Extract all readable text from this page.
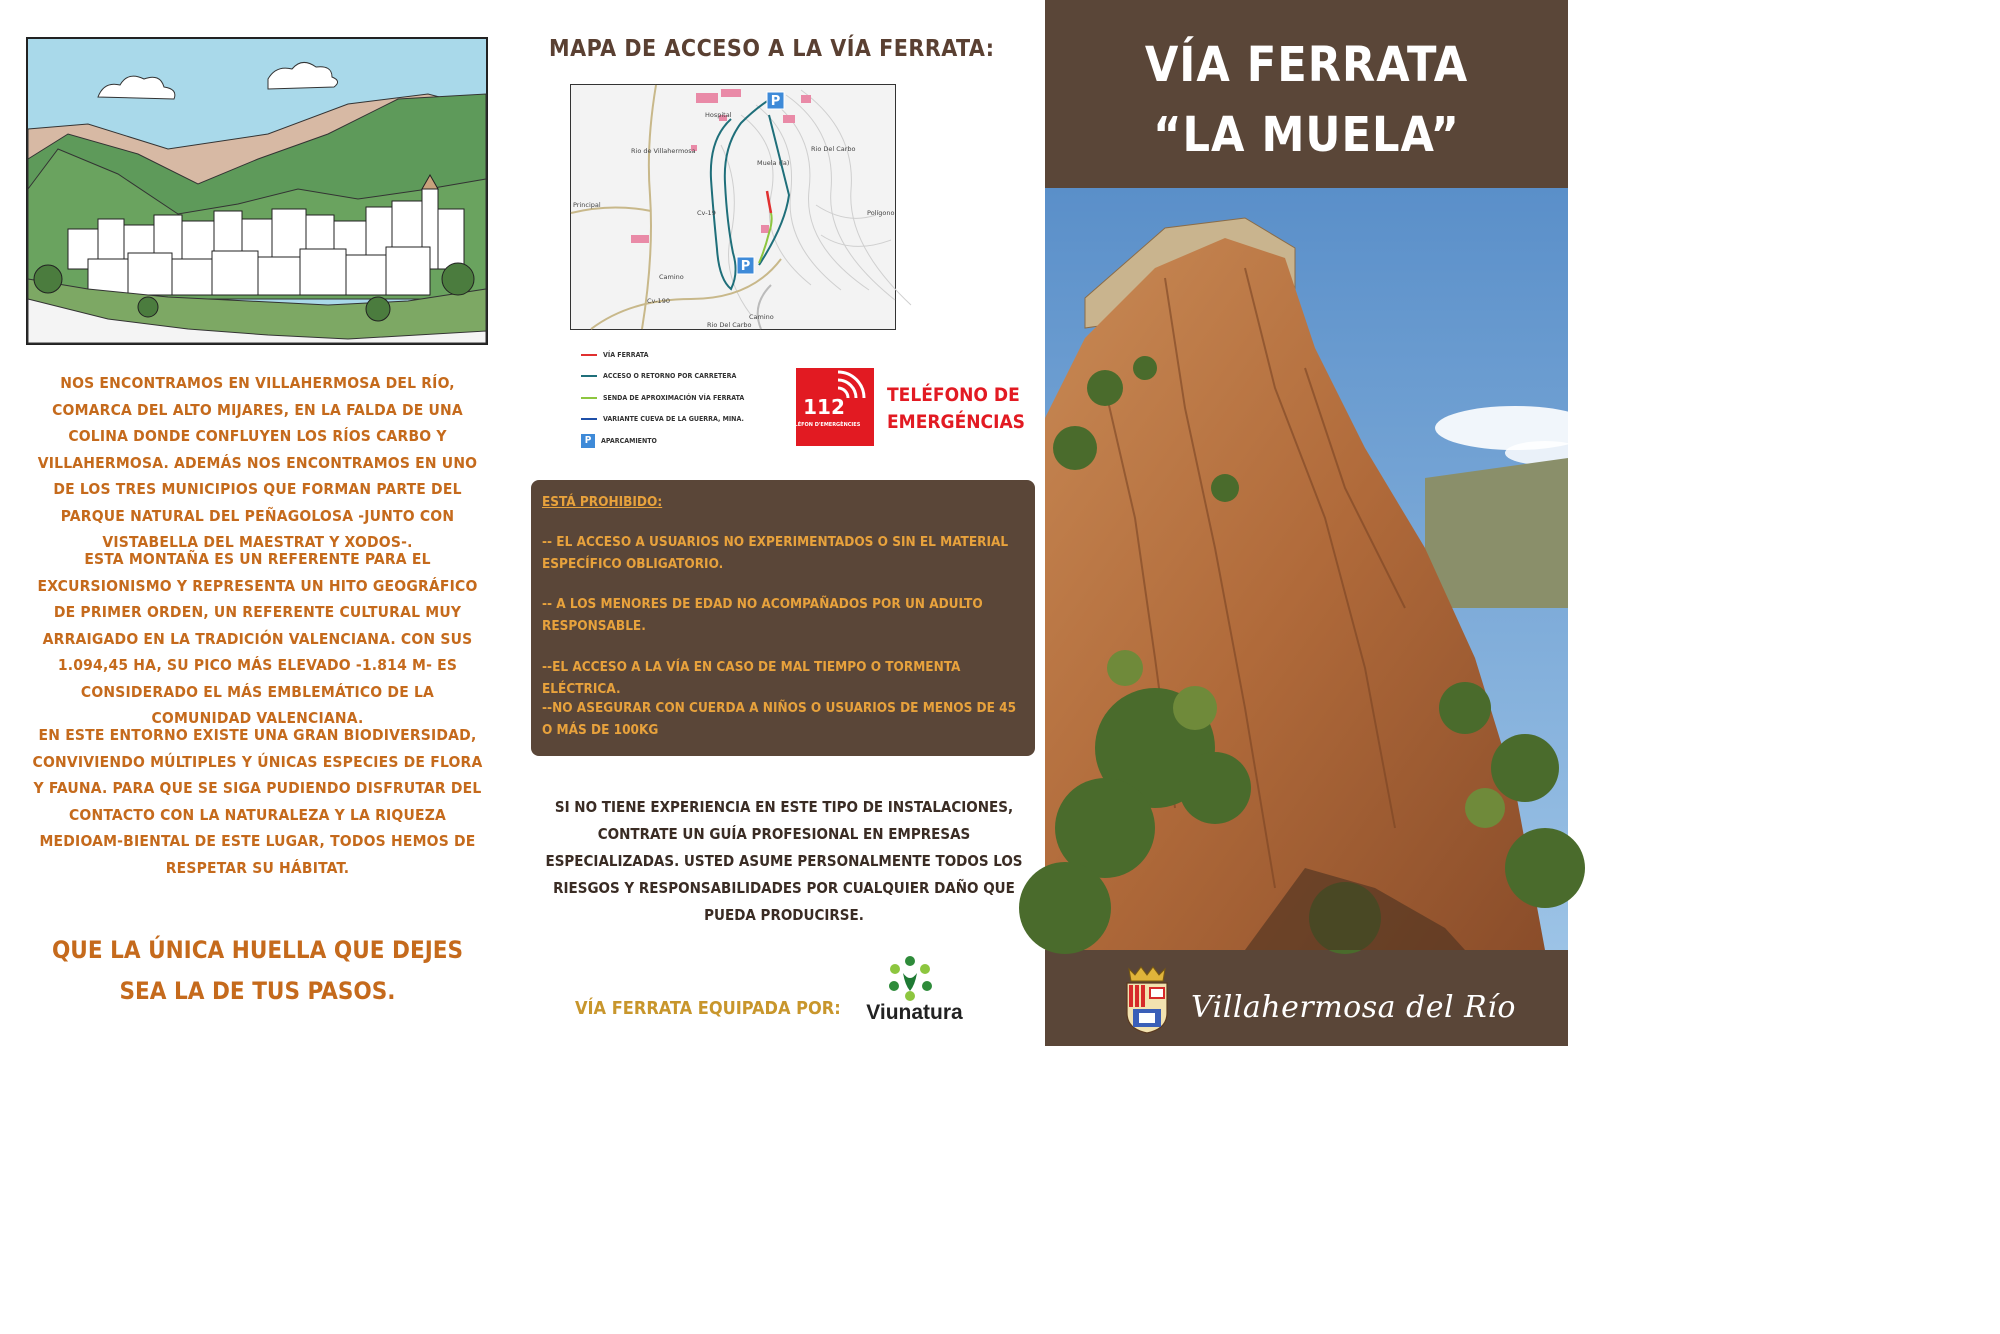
NOS ENCONTRAMOS EN VILLAHERMOSA DEL RÍO, COMARCA DEL ALTO MIJARES, EN LA FALDA DE UNA COLINA DONDE CONFLUYEN LOS RÍOS CARBO Y VILLAHERMOSA. ADEMÁS NOS ENCONTRAMOS EN UNO DE LOS TRES MUNICIPIOS QUE FORMAN PARTE DEL PARQUE NATURAL DEL PEÑAGOLOSA -JUNTO CON VISTABELLA DEL MAESTRAT Y XODOS-.
ESTA MONTAÑA ES UN REFERENTE PARA EL EXCURSIONISMO Y REPRESENTA UN HITO GEOGRÁFICO DE PRIMER ORDEN, UN REFERENTE CULTURAL MUY ARRAIGADO EN LA TRADICIÓN VALENCIANA. CON SUS 1.094,45 HA, SU PICO MÁS ELEVADO -1.814 M- ES CONSIDERADO EL MÁS EMBLEMÁTICO DE LA COMUNIDAD VALENCIANA.
EN ESTE ENTORNO EXISTE UNA GRAN BIODIVERSIDAD, CONVIVIENDO MÚLTIPLES Y ÚNICAS ESPECIES DE FLORA Y FAUNA. PARA QUE SE SIGA PUDIENDO DISFRUTAR DEL CONTACTO CON LA NATURALEZA Y LA RIQUEZA MEDIOAM-BIENTAL DE ESTE LUGAR, TODOS HEMOS DE RESPETAR SU HÁBITAT.
QUE LA ÚNICA HUELLA QUE DEJES SEA LA DE TUS PASOS.
MAPA DE ACCESO A LA VÍA FERRATA:
P
P
Hospital
Rio de Villahermosa	Rio Del Carbo
Principal
Muela (la)
Cv-19	Polígono
Camino
Cv-190
Camino
Rio Del Carbo
VÍA FERRATA
ACCESO O RETORNO POR CARRETERA
SENDA DE APROXIMACIÓN VÍA FERRATA
VARIANTE CUEVA DE LA GUERRA, MINA.
P	APARCAMIENTO
112
TELÉFON D'EMERGÈNCIES
TELÉFONO DE EMERGÉNCIAS
ESTÁ PROHIBIDO:
-- EL ACCESO A USUARIOS NO EXPERIMENTADOS O SIN EL MATERIAL ESPECÍFICO OBLIGATORIO.
-- A LOS MENORES DE EDAD NO ACOMPAÑADOS POR UN ADULTO RESPONSABLE.
--EL ACCESO A LA VÍA EN CASO DE MAL TIEMPO O TORMENTA ELÉCTRICA.
--NO ASEGURAR CON CUERDA A NIÑOS O USUARIOS DE MENOS DE 45 O MÁS DE 100KG
SI NO TIENE EXPERIENCIA EN ESTE TIPO DE INSTALACIONES, CONTRATE UN GUÍA PROFESIONAL EN EMPRESAS ESPECIALIZADAS. USTED ASUME PERSONALMENTE TODOS LOS RIESGOS Y RESPONSABILIDADES POR CUALQUIER DAÑO QUE PUEDA PRODUCIRSE.
VÍA FERRATA EQUIPADA POR:	Viunatura
VÍA FERRATA
“LA MUELA”
Villahermosa del Río
